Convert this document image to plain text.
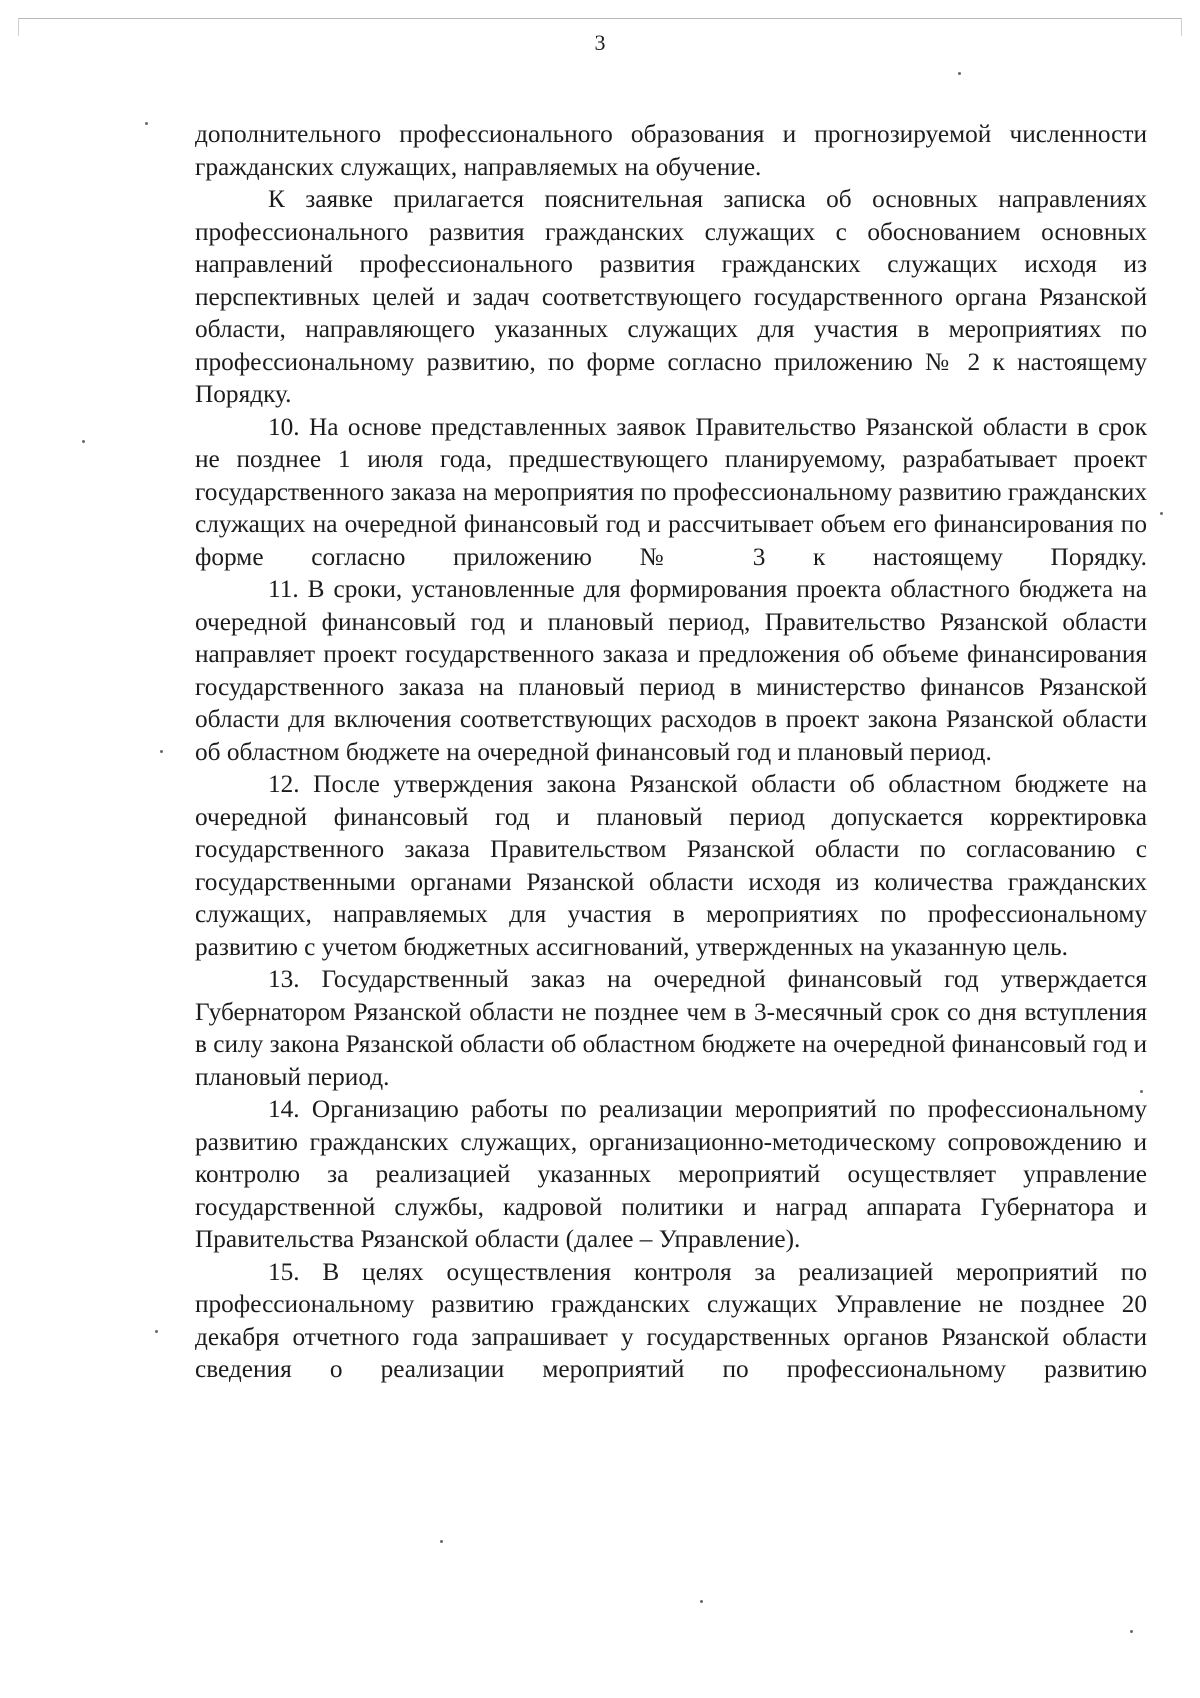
3

дополнительного профессионального образования и прогнозируемой численности гражданских служащих, направляемых на обучение.

К заявке прилагается пояснительная записка об основных направлениях профессионального развития гражданских служащих с обоснованием основных направлений профессионального развития гражданских служащих исходя из перспективных целей и задач соответствующего государственного органа Рязанской области, направляющего указанных служащих для участия в мероприятиях по профессиональному развитию, по форме согласно приложению № 2 к настоящему Порядку.

10. На основе представленных заявок Правительство Рязанской области в срок не позднее 1 июля года, предшествующего планируемому, разрабатывает проект государственного заказа на мероприятия по профессиональному развитию гражданских служащих на очередной финансовый год и рассчитывает объем его финансирования по форме согласно приложению № 3 к настоящему Порядку.

11. В сроки, установленные для формирования проекта областного бюджета на очередной финансовый год и плановый период, Правительство Рязанской области направляет проект государственного заказа и предложения об объеме финансирования государственного заказа на плановый период в министерство финансов Рязанской области для включения соответствующих расходов в проект закона Рязанской области об областном бюджете на очередной финансовый год и плановый период.

12. После утверждения закона Рязанской области об областном бюджете на очередной финансовый год и плановый период допускается корректировка государственного заказа Правительством Рязанской области по согласованию с государственными органами Рязанской области исходя из количества гражданских служащих, направляемых для участия в мероприятиях по профессиональному развитию с учетом бюджетных ассигнований, утвержденных на указанную цель.

13. Государственный заказ на очередной финансовый год утверждается Губернатором Рязанской области не позднее чем в 3-месячный срок со дня вступления в силу закона Рязанской области об областном бюджете на очередной финансовый год и плановый период.

14. Организацию работы по реализации мероприятий по профессиональному развитию гражданских служащих, организационно-методическому сопровождению и контролю за реализацией указанных мероприятий осуществляет управление государственной службы, кадровой политики и наград аппарата Губернатора и Правительства Рязанской области (далее – Управление).

15. В целях осуществления контроля за реализацией мероприятий по профессиональному развитию гражданских служащих Управление не позднее 20 декабря отчетного года запрашивает у государственных органов Рязанской области сведения о реализации мероприятий по профессиональному развитию
